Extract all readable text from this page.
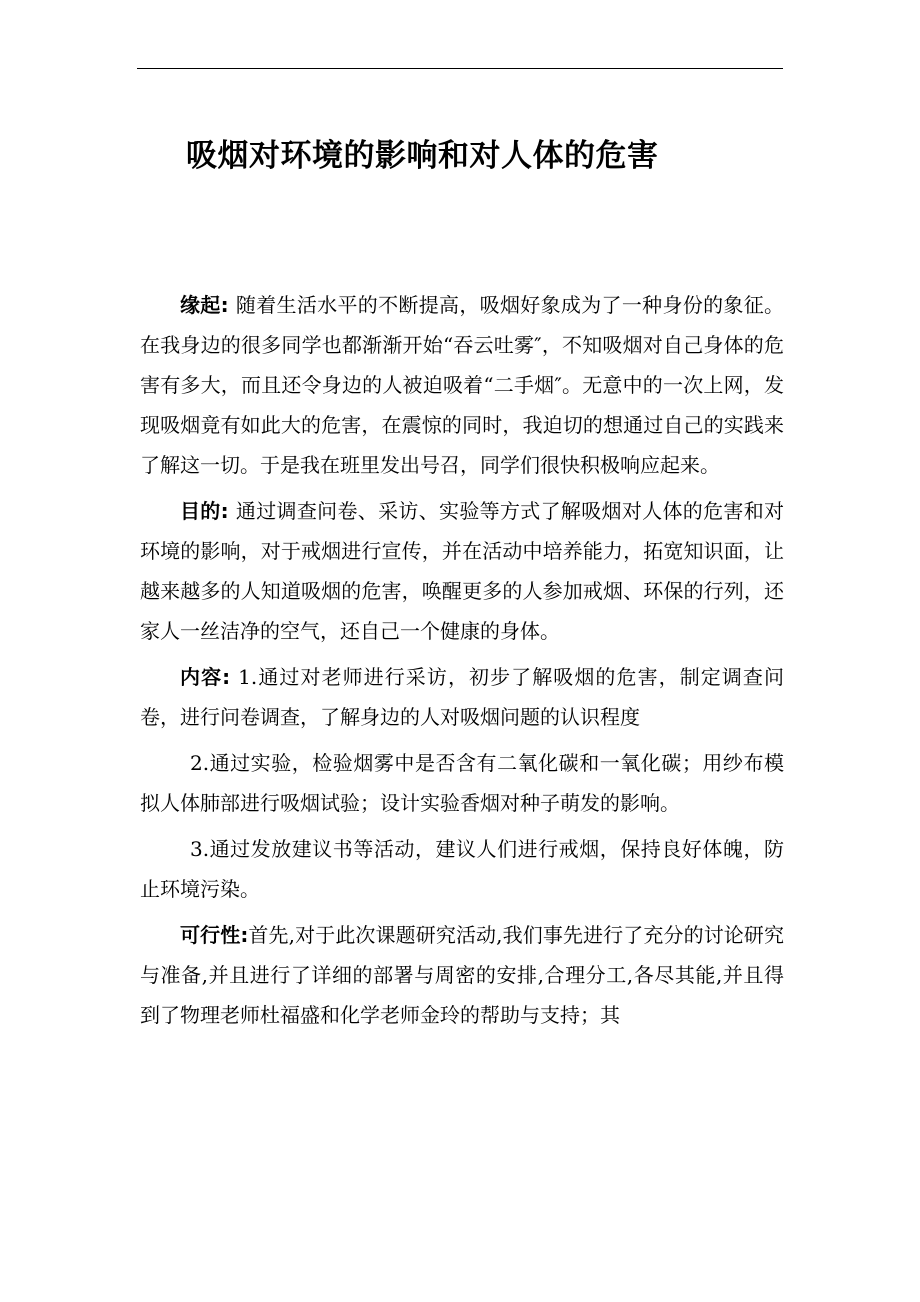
吸烟对环境的影响和对人体的危害

缘起: 随着生活水平的不断提高，吸烟好象成为了一种身份的象征。在我身边的很多同学也都渐渐开始“吞云吐雾″，不知吸烟对自己身体的危害有多大，而且还令身边的人被迫吸着“二手烟″。无意中的一次上网，发现吸烟竟有如此大的危害，在震惊的同时，我迫切的想通过自己的实践来了解这一切。于是我在班里发出号召，同学们很快积极响应起来。

目的: 通过调查问卷、采访、实验等方式了解吸烟对人体的危害和对环境的影响，对于戒烟进行宣传，并在活动中培养能力，拓宽知识面，让越来越多的人知道吸烟的危害，唤醒更多的人参加戒烟、环保的行列，还家人一丝洁净的空气，还自己一个健康的身体。

内容: 1.通过对老师进行采访，初步了解吸烟的危害，制定调查问卷，进行问卷调查，了解身边的人对吸烟问题的认识程度

2.通过实验，检验烟雾中是否含有二氧化碳和一氧化碳；用纱布模拟人体肺部进行吸烟试验；设计实验香烟对种子萌发的影响。

3.通过发放建议书等活动，建议人们进行戒烟，保持良好体魄，防止环境污染。

可行性:首先,对于此次课题研究活动,我们事先进行了充分的讨论研究与准备,并且进行了详细的部署与周密的安排,合理分工,各尽其能,并且得到了物理老师杜福盛和化学老师金玲的帮助与支持；其
